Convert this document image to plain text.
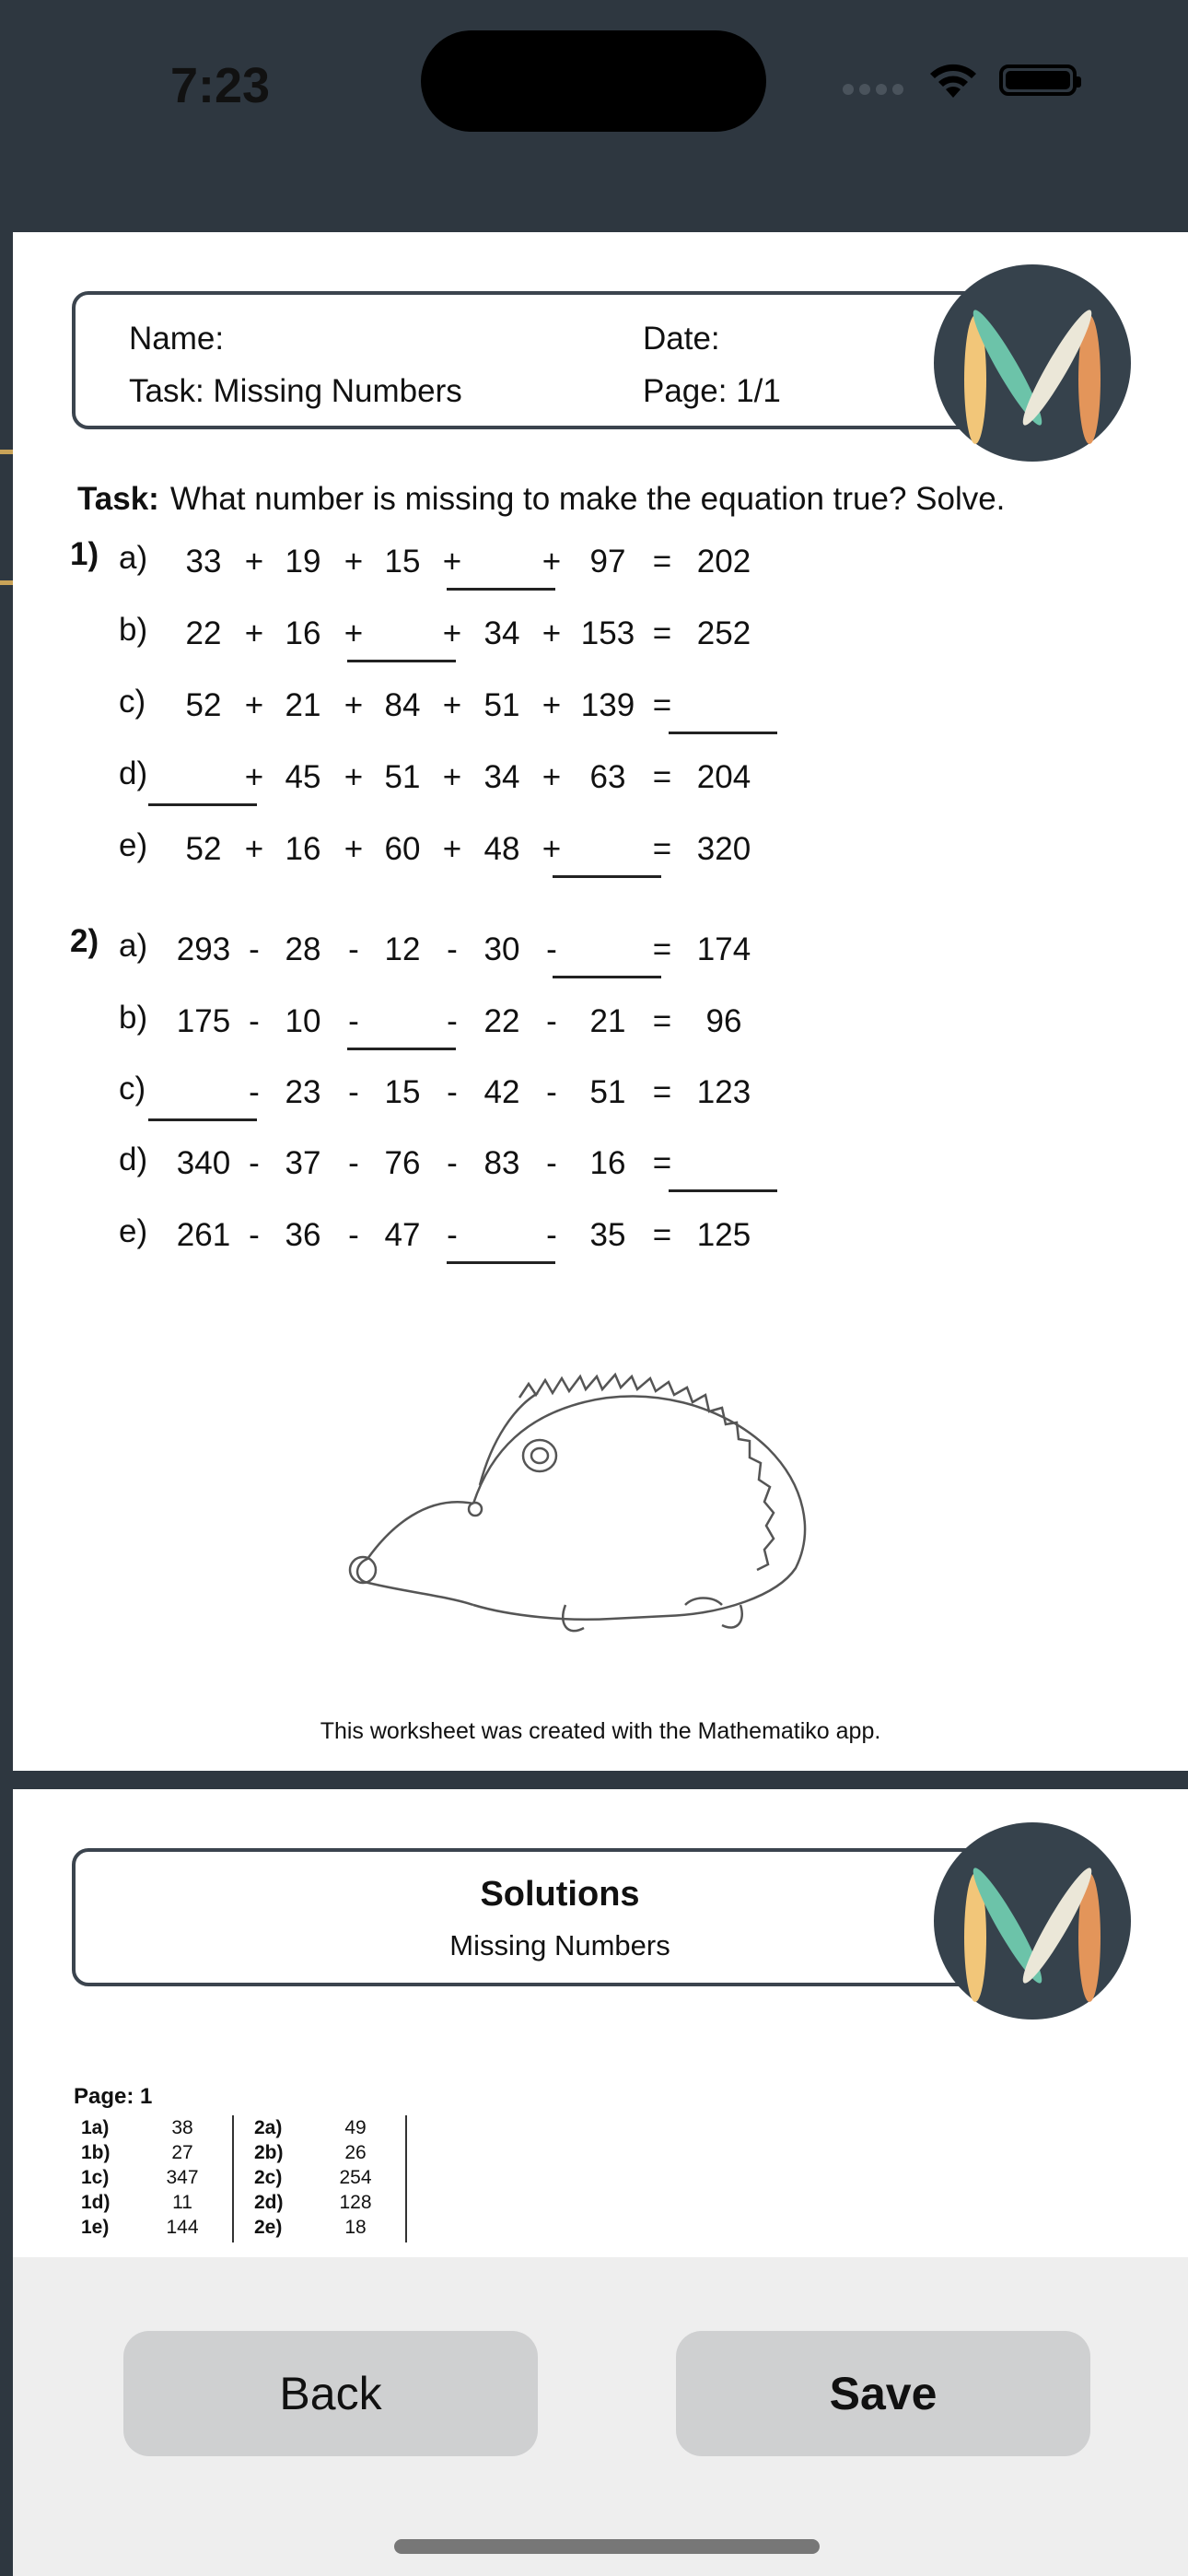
7:23
Name:	Date:
Task: Missing Numbers	Page: 1/1
Task: What number is missing to make the equation true? Solve.
1) a)	33 + 19 + 15 +	+ 97 = 202
b)	22 + 16 + + 34 + 153 = 252
c)	52 + 21 + 84 + 51 + 139 =
d)	+ 45 + 51 + 34 + 63 = 204
e)	52 + 16 + 60 + 48 +	= 320
2) a) 293 - 28 - 12 - 30 -	= 174
b) 175 - 10 -	- 22 -	21 =	96
c)	- 23 - 15 - 42 -	51 = 123
d) 340 - 37 - 76 - 83 -	16 =
e) 261 - 36 - 47 -	-	35 = 125
This worksheet was created with the Mathematiko app.
Solutions
Missing Numbers
Page: 1
1a)	38
1b)	27
1c)	347
1d)	11
1e)	144
2a)	49
2b)	26
2c)	254
2d)	128
2e)	18
Back	Save
